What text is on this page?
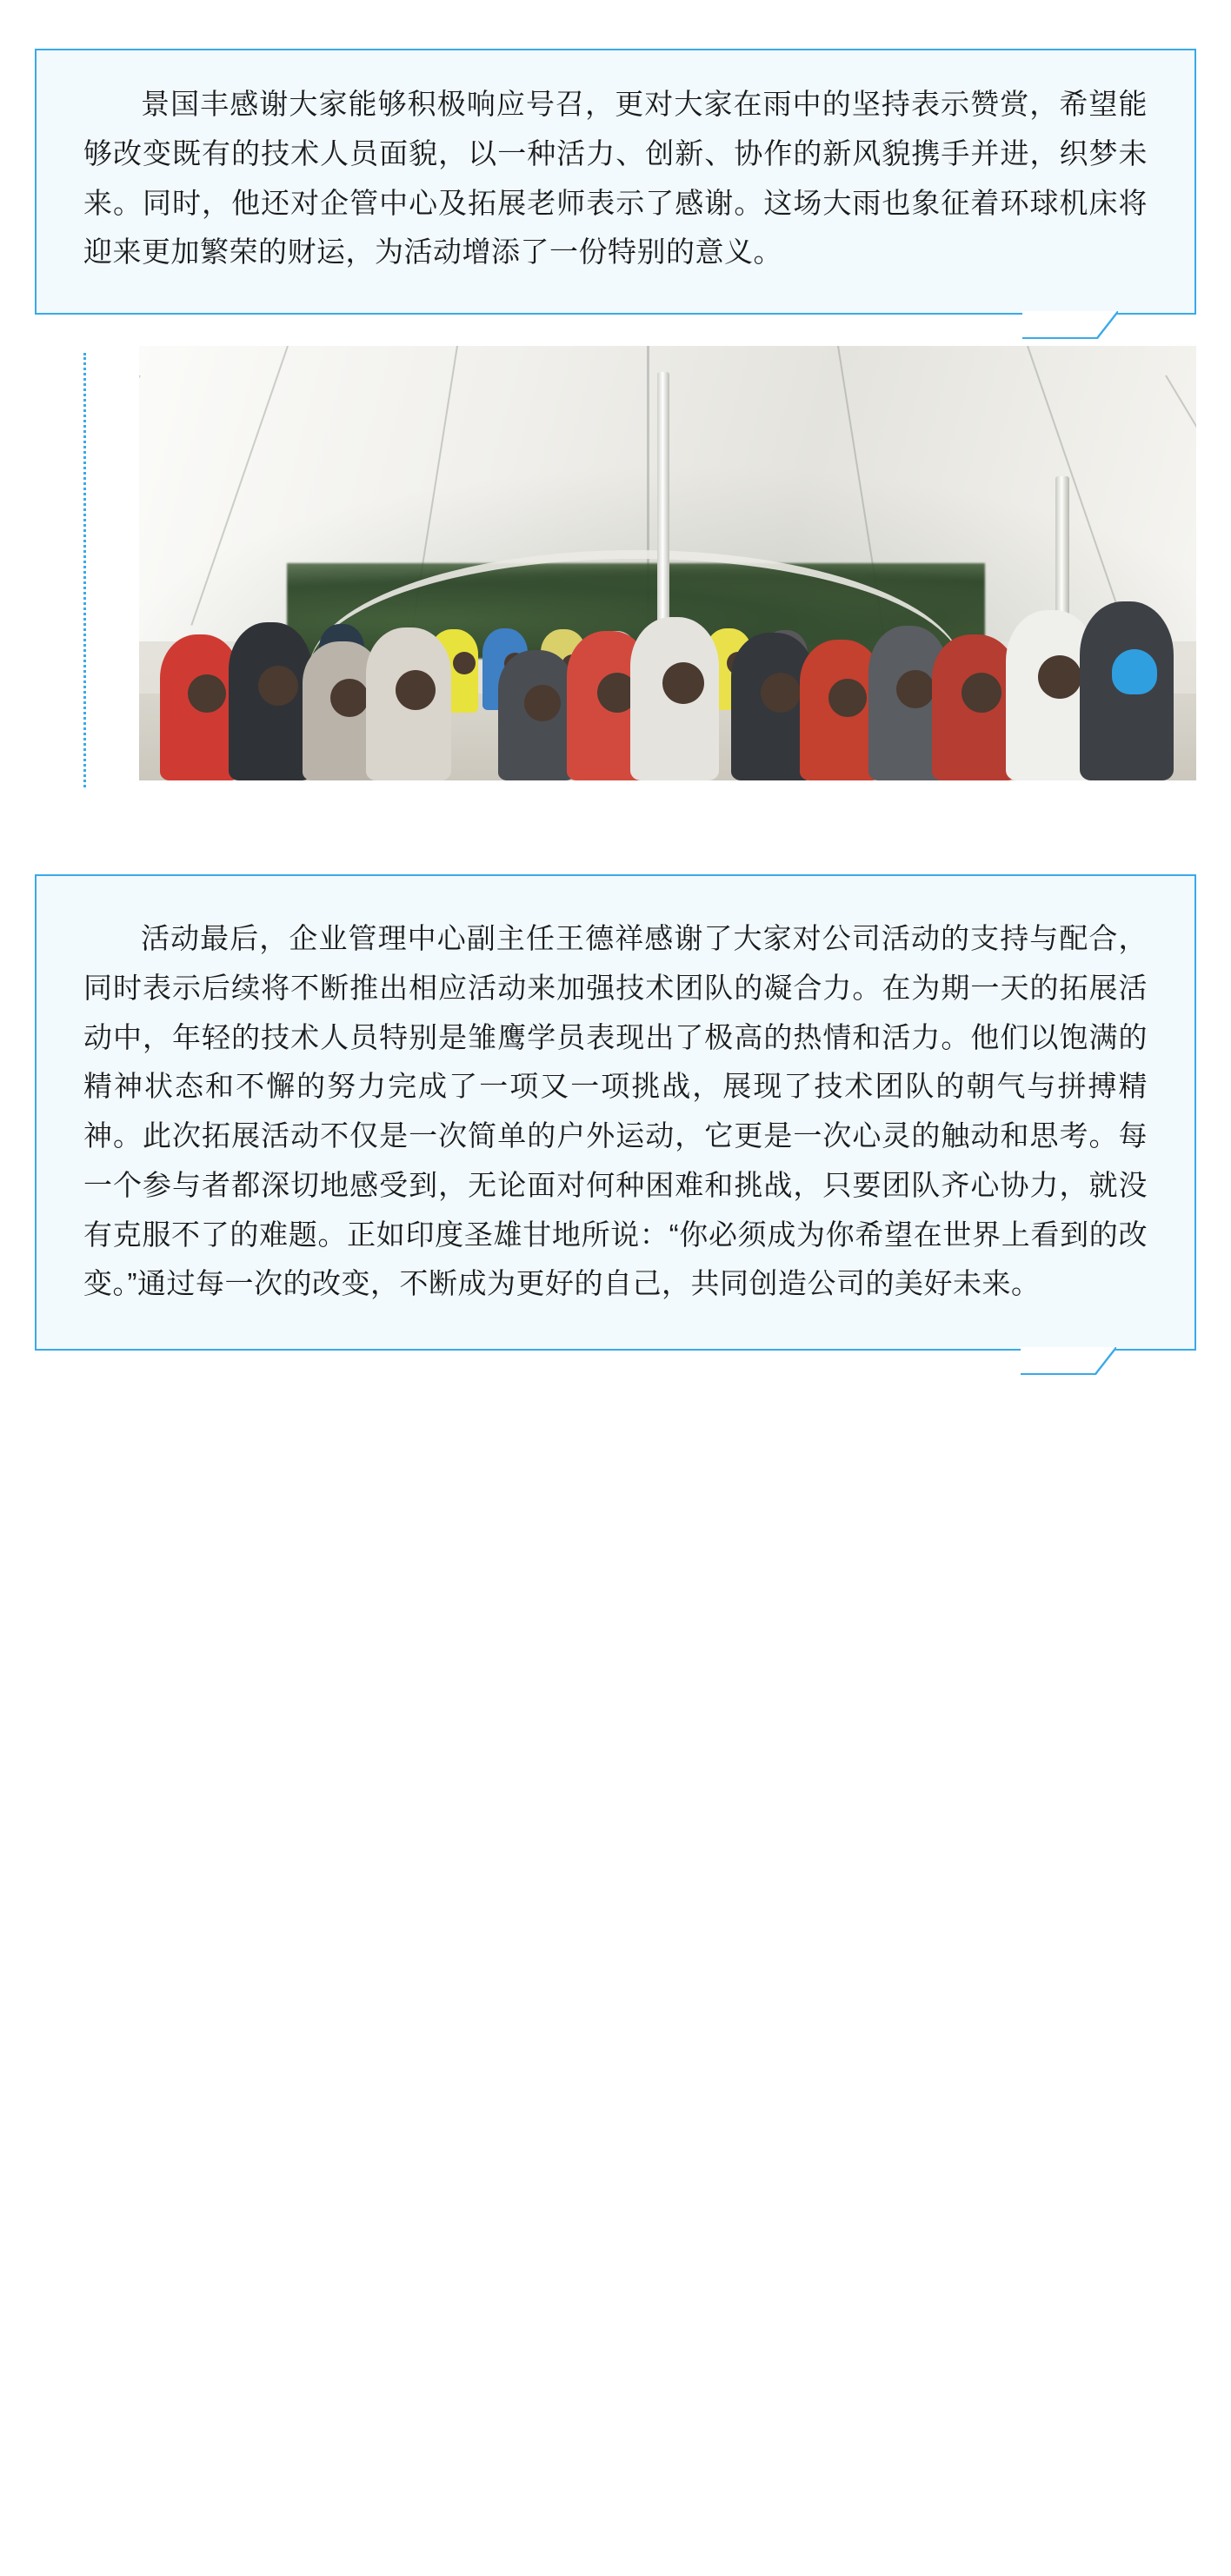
景国丰感谢大家能够积极响应号召，更对大家在雨中的坚持表示赞赏，希望能够改变既有的技术人员面貌，以一种活力、创新、协作的新风貌携手并进，织梦未来。同时，他还对企管中心及拓展老师表示了感谢。这场大雨也象征着环球机床将迎来更加繁荣的财运，为活动增添了一份特别的意义。

活动最后，企业管理中心副主任王德祥感谢了大家对公司活动的支持与配合，同时表示后续将不断推出相应活动来加强技术团队的凝合力。在为期一天的拓展活动中，年轻的技术人员特别是雏鹰学员表现出了极高的热情和活力。他们以饱满的精神状态和不懈的努力完成了一项又一项挑战，展现了技术团队的朝气与拼搏精神。此次拓展活动不仅是一次简单的户外运动，它更是一次心灵的触动和思考。每一个参与者都深切地感受到，无论面对何种困难和挑战，只要团队齐心协力，就没有克服不了的难题。正如印度圣雄甘地所说：“你必须成为你希望在世界上看到的改变。”通过每一次的改变，不断成为更好的自己，共同创造公司的美好未来。
